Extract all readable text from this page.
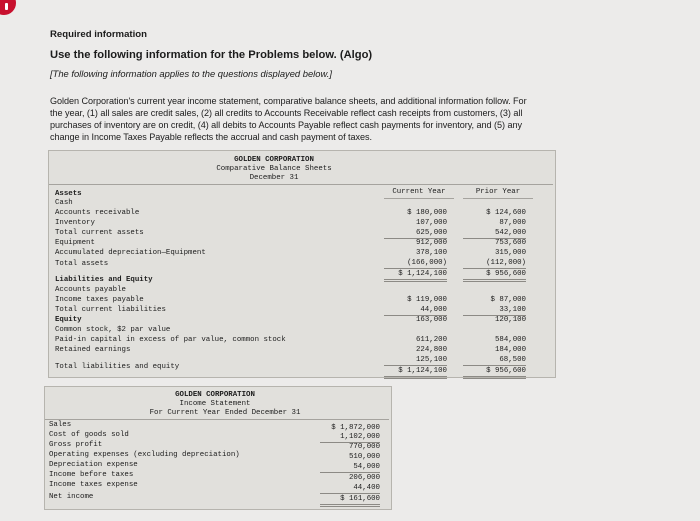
Required information
Use the following information for the Problems below. (Algo)
[The following information applies to the questions displayed below.]

Golden Corporation's current year income statement, comparative balance sheets, and additional information follow. For

the year, (1) all sales are credit sales, (2) all credits to Accounts Receivable reflect cash receipts from customers, (3) all

purchases of inventory are on credit, (4) all debits to Accounts Payable reflect cash payments for inventory, and (5) any

change in Income Taxes Payable reflects the accrual and cash payment of taxes.

GOLDEN CORPORATION
Comparative Balance Sheets
December 31
Current Year	Prior Year
Assets
Cash
Accounts receivable
Inventory
Total current assets
Equipment
Accumulated depreciation—Equipment
Total assets
Liabilities and Equity
Accounts payable
Income taxes payable
Total current liabilities
Equity
Common stock, $2 par value
Paid-in capital in excess of par value, common stock
Retained earnings
Total liabilities and equity
$ 180,000
107,000
625,000
912,000
378,100
(166,000)
$ 1,124,100
$ 119,000
44,000
163,000
611,200
224,800
125,100
$ 1,124,100
$ 124,600
87,000
542,000
753,600
315,000
(112,000)
$ 956,600
$ 87,000
33,100
120,100
584,000
184,000
68,500
$ 956,600
GOLDEN CORPORATION
Income Statement
For Current Year Ended December 31
Sales
Cost of goods sold
Gross profit
Operating expenses (excluding depreciation)
Depreciation expense
Income before taxes
Income taxes expense
Net income
$ 1,872,000
1,102,000
770,000
510,000
54,000
206,000
44,400
$ 161,600
